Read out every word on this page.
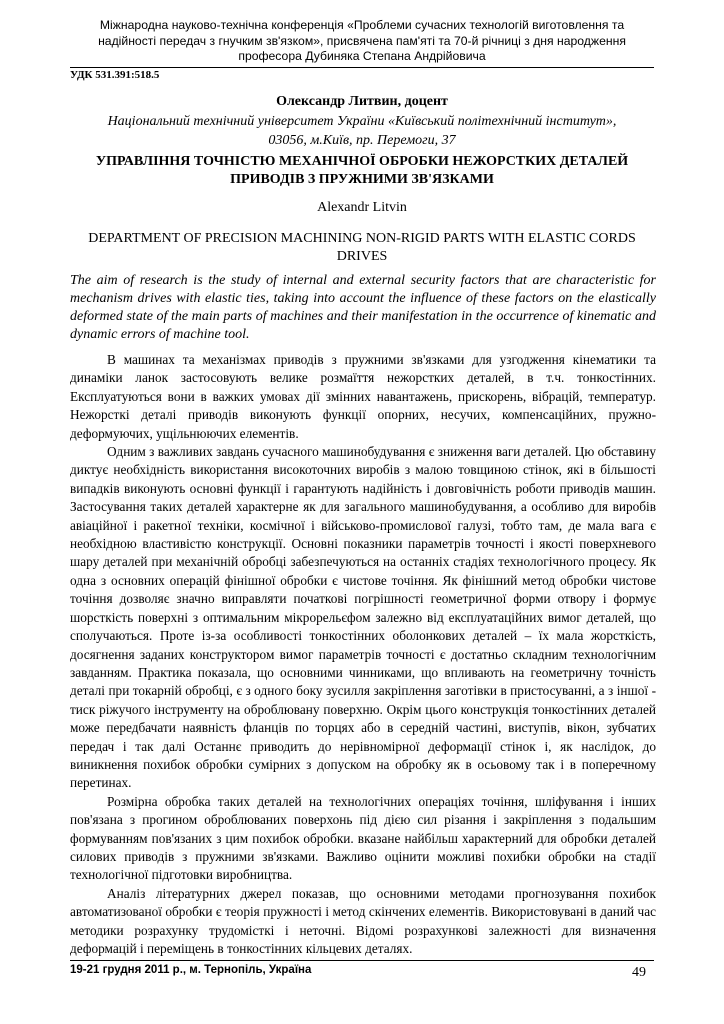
Міжнародна науково-технічна конференція «Проблеми сучасних технологій виготовлення та
надійності передач з гнучким зв'язком», присвячена пам'яті та 70-й річниці з дня народження
професора Дубиняка Степана Андрійовича
УДК 531.391:518.5
Олександр Литвин, доцент
Національний технічний університет України «Київський політехнічний інститут»,
03056, м.Київ, пр. Перемоги, 37
УПРАВЛІННЯ ТОЧНІСТЮ МЕХАНІЧНОЇ ОБРОБКИ НЕЖОРСТКИХ ДЕТАЛЕЙ
ПРИВОДІВ З ПРУЖНИМИ ЗВ'ЯЗКАМИ
Alexandr Litvin
DEPARTMENT OF PRECISION MACHINING NON-RIGID PARTS WITH ELASTIC CORDS
DRIVES
The aim of research is the study of internal and external security factors that are characteristic for mechanism drives with elastic ties, taking into account the influence of these factors on the elastically deformed state of the main parts of machines and their manifestation in the occurrence of kinematic and dynamic errors of machine tool.

В машинах та механізмах приводів з пружними зв'язками для узгодження кінематики та динаміки ланок застосовують велике розмаїття нежорстких деталей, в т.ч. тонкостінних. Експлуатуються вони в важких умовах дії змінних навантажень, прискорень, вібрацій, температур. Нежорсткі деталі приводів виконують функції опорних, несучих, компенсаційних, пружно-деформуючих, ущільнюючих елементів.

Одним з важливих завдань сучасного машинобудування є зниження ваги деталей. Цю обставину диктує необхідність використання високоточних виробів з малою товщиною стінок, які в більшості випадків виконують основні функції і гарантують надійність і довговічність роботи приводів машин. Застосування таких деталей характерне як для загального машинобудування, а особливо для виробів авіаційної і ракетної техніки, космічної і військово-промислової галузі, тобто там, де мала вага є необхідною властивістю конструкції. Основні показники параметрів точності і якості поверхневого шару деталей при механічній обробці забезпечуються на останніх стадіях технологічного процесу. Як одна з основних операцій фінішної обробки є чистове точіння. Як фінішний метод обробки чистове точіння дозволяє значно виправляти початкові погрішності геометричної форми отвору і формує шорсткість поверхні з оптимальним мікрорельєфом залежно від експлуатаційних вимог деталей, що сполучаються. Проте із-за особливості тонкостінних оболонкових деталей – їх мала жорсткість, досягнення заданих конструктором вимог параметрів точності є достатньо складним технологічним завданням. Практика показала, що основними чинниками, що впливають на геометричну точність деталі при токарній обробці, є з одного боку зусилля закріплення заготівки в пристосуванні, а з іншої - тиск ріжучого інструменту на оброблювану поверхню. Окрім цього конструкція тонкостінних деталей може передбачати наявність фланців по торцях або в середній частині, виступів, вікон, зубчатих передач і так далі Останнє приводить до нерівномірної деформації стінок і, як наслідок, до виникнення похибок обробки сумірних з допуском на обробку як в осьовому так і в поперечному перетинах.

Розмірна обробка таких деталей на технологічних операціях точіння, шліфування і інших пов'язана з прогином оброблюваних поверхонь під дією сил різання і закріплення з подальшим формуванням пов'язаних з цим похибок обробки. вказане найбільш характерний для обробки деталей силових приводів з пружними зв'язками. Важливо оцінити можливі похибки обробки на стадії технологічної підготовки виробництва.

Аналіз літературних джерел показав, що основними методами прогнозування похибок автоматизованої обробки є теорія пружності і метод скінчених елементів. Використовувані в даний час методики розрахунку трудомісткі і неточні. Відомі розрахункові залежності для визначення деформацій і переміщень в тонкостінних кільцевих деталях.

19-21 грудня 2011 р., м. Тернопіль, Україна	49
